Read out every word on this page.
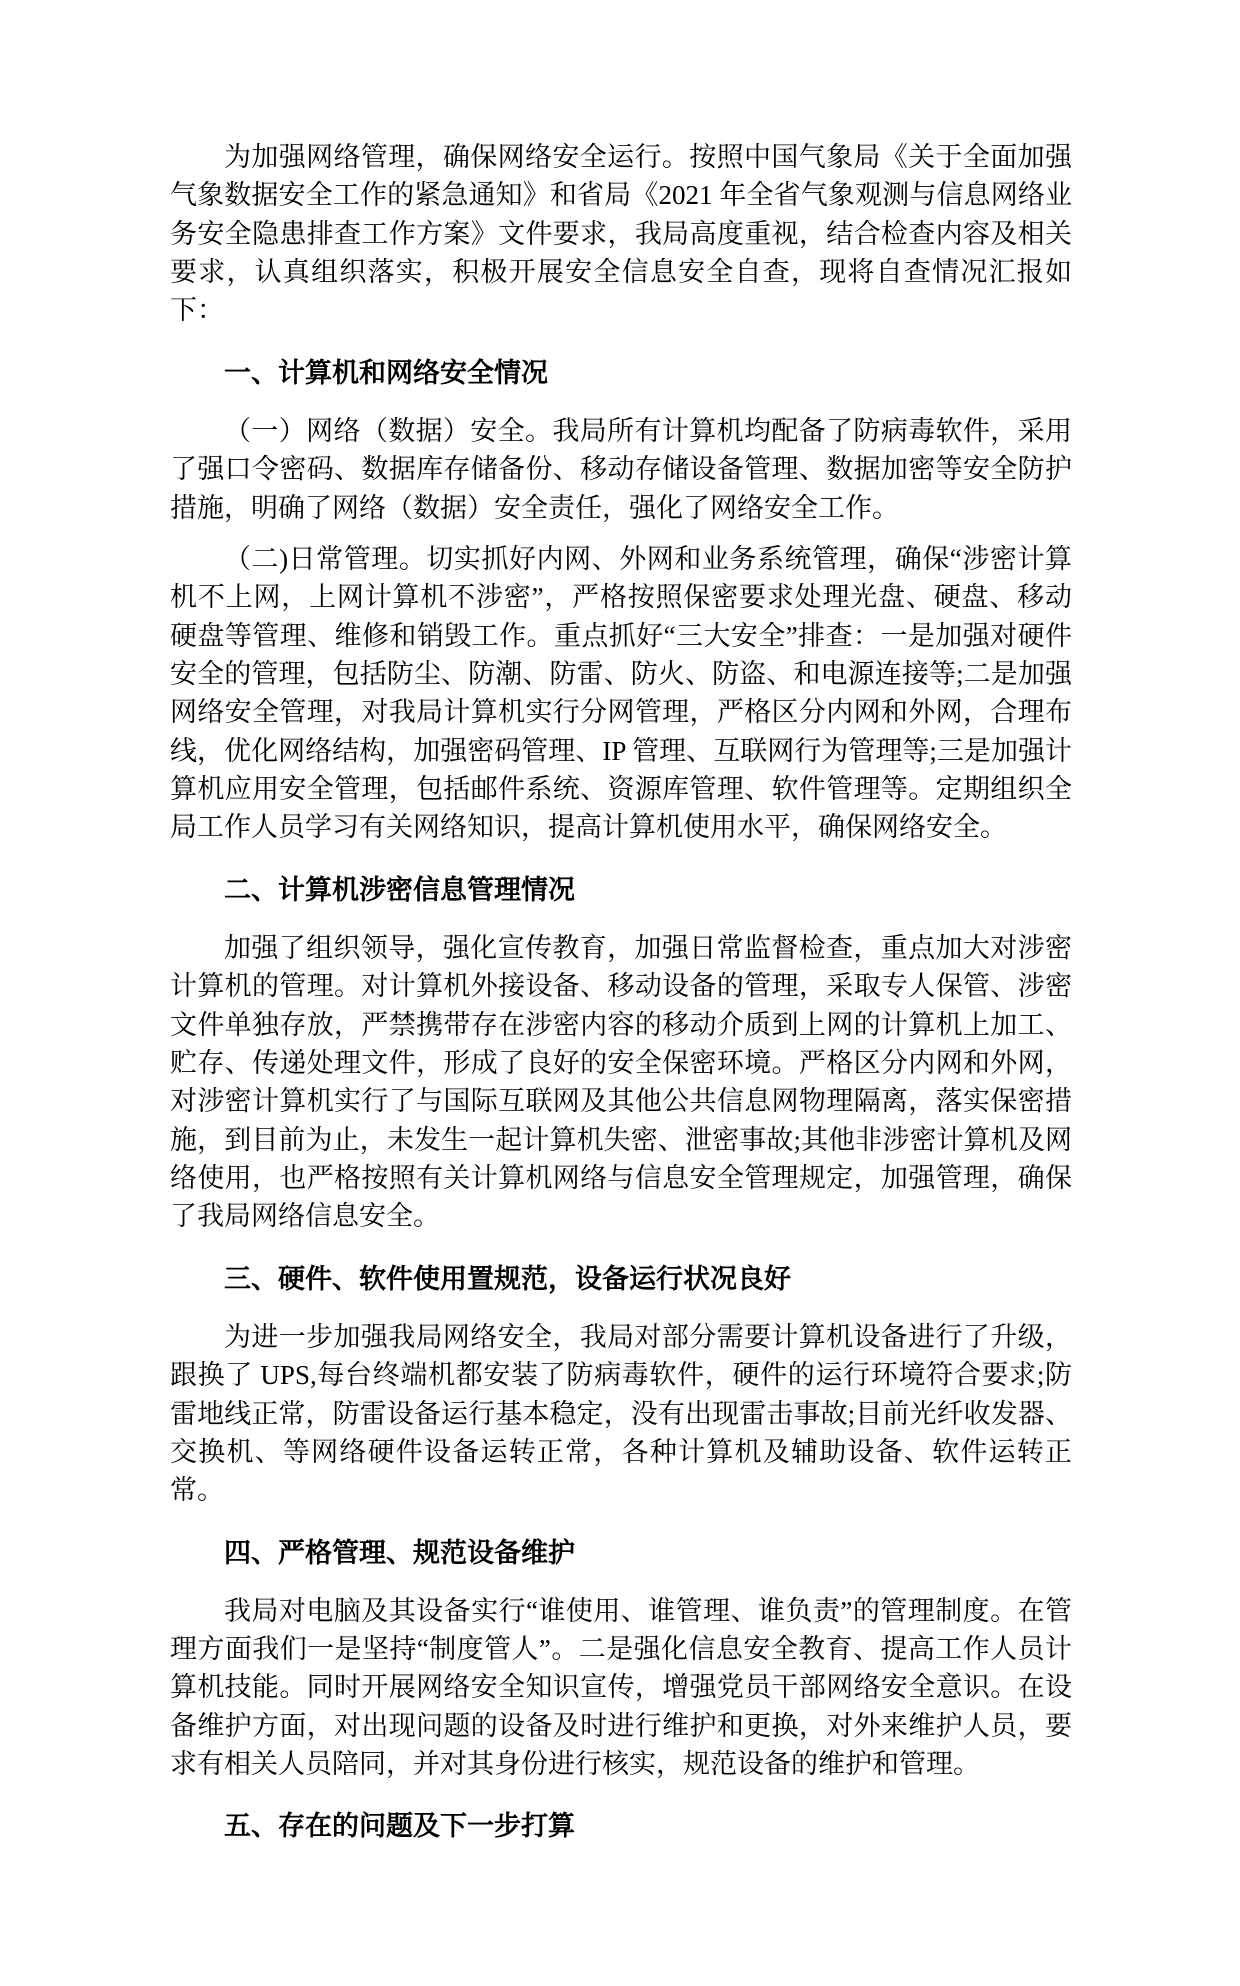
为加强网络管理，确保网络安全运行。按照中国气象局《关于全面加强气象数据安全工作的紧急通知》和省局《2021 年全省气象观测与信息网络业务安全隐患排查工作方案》文件要求，我局高度重视，结合检查内容及相关要求，认真组织落实，积极开展安全信息安全自查，现将自查情况汇报如下：

一、计算机和网络安全情况

（一）网络（数据）安全。我局所有计算机均配备了防病毒软件，采用了强口令密码、数据库存储备份、移动存储设备管理、数据加密等安全防护措施，明确了网络（数据）安全责任，强化了网络安全工作。

（二)日常管理。切实抓好内网、外网和业务系统管理，确保“涉密计算机不上网，上网计算机不涉密”，严格按照保密要求处理光盘、硬盘、移动硬盘等管理、维修和销毁工作。重点抓好“三大安全”排查：一是加强对硬件安全的管理，包括防尘、防潮、防雷、防火、防盗、和电源连接等;二是加强网络安全管理，对我局计算机实行分网管理，严格区分内网和外网，合理布线，优化网络结构，加强密码管理、IP 管理、互联网行为管理等;三是加强计算机应用安全管理，包括邮件系统、资源库管理、软件管理等。定期组织全局工作人员学习有关网络知识，提高计算机使用水平，确保网络安全。

二、计算机涉密信息管理情况

加强了组织领导，强化宣传教育，加强日常监督检查，重点加大对涉密计算机的管理。对计算机外接设备、移动设备的管理，采取专人保管、涉密文件单独存放，严禁携带存在涉密内容的移动介质到上网的计算机上加工、贮存、传递处理文件，形成了良好的安全保密环境。严格区分内网和外网，对涉密计算机实行了与国际互联网及其他公共信息网物理隔离，落实保密措施，到目前为止，未发生一起计算机失密、泄密事故;其他非涉密计算机及网络使用，也严格按照有关计算机网络与信息安全管理规定，加强管理，确保了我局网络信息安全。

三、硬件、软件使用置规范，设备运行状况良好

为进一步加强我局网络安全，我局对部分需要计算机设备进行了升级，跟换了 UPS,每台终端机都安装了防病毒软件，硬件的运行环境符合要求;防雷地线正常，防雷设备运行基本稳定，没有出现雷击事故;目前光纤收发器、交换机、等网络硬件设备运转正常，各种计算机及辅助设备、软件运转正常。

四、严格管理、规范设备维护

我局对电脑及其设备实行“谁使用、谁管理、谁负责”的管理制度。在管理方面我们一是坚持“制度管人”。二是强化信息安全教育、提高工作人员计算机技能。同时开展网络安全知识宣传，增强党员干部网络安全意识。在设备维护方面，对出现问题的设备及时进行维护和更换，对外来维护人员，要求有相关人员陪同，并对其身份进行核实，规范设备的维护和管理。

五、存在的问题及下一步打算
